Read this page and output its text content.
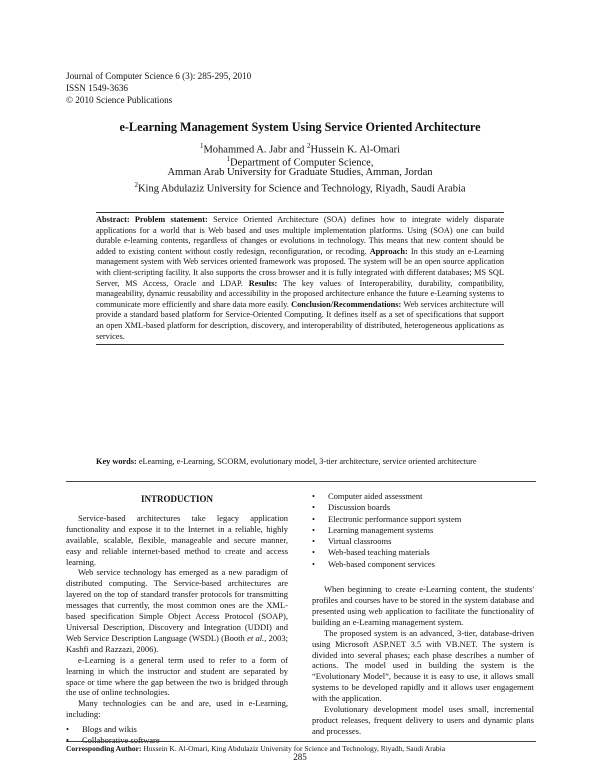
Journal of Computer Science 6 (3): 285-295, 2010
ISSN 1549-3636
© 2010 Science Publications
e-Learning Management System Using Service Oriented Architecture
$^1$Mohammed A. Jabr and $^2$Hussein K. Al-Omari
$^1$Department of Computer Science,
Amman Arab University for Graduate Studies, Amman, Jordan
$^2$King Abdulaziz University for Science and Technology, Riyadh, Saudi Arabia
Abstract: Problem statement: Service Oriented Architecture (SOA) defines how to integrate widely disparate applications for a world that is Web based and uses multiple implementation platforms. Using (SOA) one can build durable e-learning contents, regardless of changes or evolutions in technology. This means that new content should be added to existing content without costly redesign, reconfiguration, or recoding. Approach: In this study an e-Learning management system with Web services oriented framework was proposed. The system will be an open source application with client-scripting facility. It also supports the cross browser and it is fully integrated with different databases; MS SQL Server, MS Access, Oracle and LDAP. Results: The key values of Interoperability, durability, compatibility, manageability, dynamic reusability and accessibility in the proposed architecture enhance the future e-Learning systems to communicate more efficiently and share data more easily. Conclusion/Recommendations: Web services architecture will provide a standard based platform for Service-Oriented Computing. It defines itself as a set of specifications that support an open XML-based platform for description, discovery, and interoperability of distributed, heterogeneous applications as services.
Key words: eLearning, e-Learning, SCORM, evolutionary model, 3-tier architecture, service oriented architecture
INTRODUCTION

Service-based architectures take legacy application functionality and expose it to the Internet in a reliable, highly available, scalable, flexible, manageable and secure manner, easy and reliable internet-based method to create and access learning.

Web service technology has emerged as a new paradigm of distributed computing. The Service-based architectures are layered on the top of standard transfer protocols for transmitting messages that currently, the most common ones are the XML-based specification Simple Object Access Protocol (SOAP), Universal Description, Discovery and Integration (UDDI) and Web Service Description Language (WSDL) (Booth et al., 2003; Kashfi and Razzazi, 2006).

e-Learning is a general term used to refer to a form of learning in which the instructor and student are separated by space or time where the gap between the two is bridged through the use of online technologies.

Many technologies can be and are, used in e-Learning, including:

• Blogs and wikis
• Collaborative software
• Computer aided assessment
• Discussion boards
• Electronic performance support system
• Learning management systems
• Virtual classrooms
• Web-based teaching materials
• Web-based component services

When beginning to create e-Learning content, the students' profiles and courses have to be stored in the system database and presented using web application to facilitate the functionality of building an e-Learning management system.

The proposed system is an advanced, 3-tier, database-driven using Microsoft ASP.NET 3.5 with VB.NET. The system is divided into several phases; each phase describes a number of actions. The model used in building the system is the “Evolutionary Model”, because it is easy to use, it allows small systems to be developed rapidly and it allows user engagement with the application.

Evolutionary development model uses small, incremental product releases, frequent delivery to users and dynamic plans and processes.

Corresponding Author: Hussein K. Al-Omari, King Abdulaziz University for Science and Technology, Riyadh, Saudi Arabia
285
